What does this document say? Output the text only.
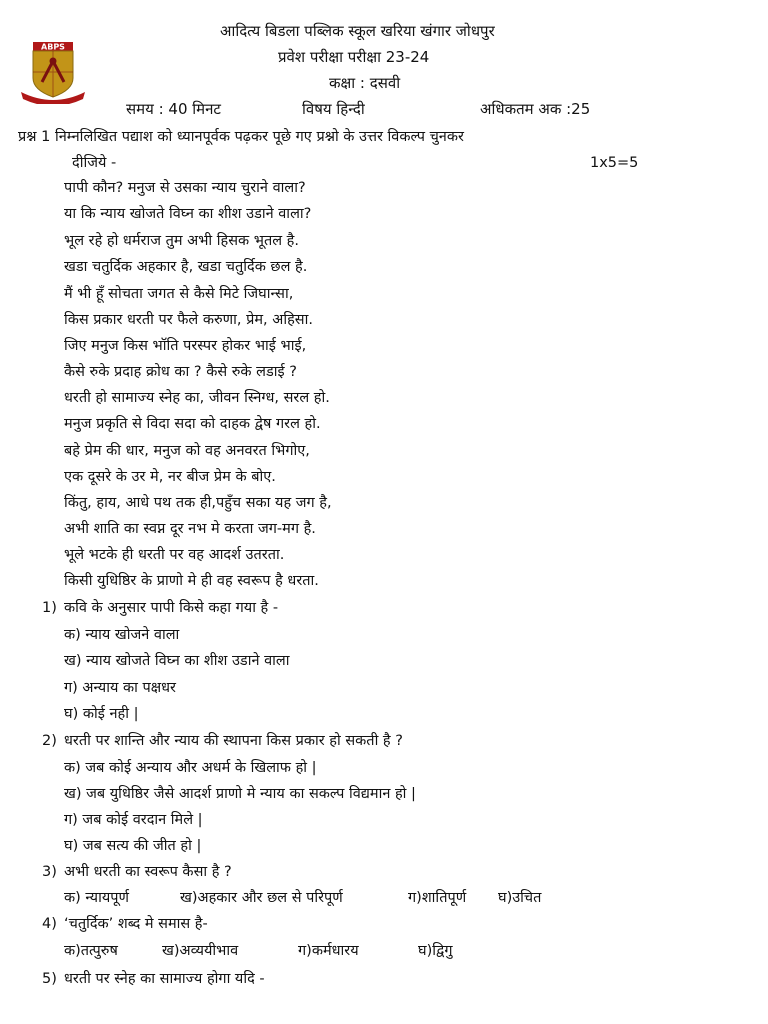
ABPS
आदित्य बिडला पब्लिक स्कूल खरिया खंगार जोधपुर
प्रवेश परीक्षा परीक्षा 23-24
कक्षा : दसवी
समय : 40 मिनट	विषय हिन्दी	अधिकतम अक :25
प्रश्न 1 निम्नलिखित पद्याश को ध्यानपूर्वक पढ़कर पूछे गए प्रश्नो के उत्तर विकल्प चुनकर
दीजिये -	1x5=5
पापी कौन? मनुज से उसका न्याय चुराने वाला?
या कि न्याय खोजते विघ्न का शीश उडाने वाला?
भूल रहे हो धर्मराज तुम अभी हिसक भूतल है.
खडा चतुर्दिक अहकार है, खडा चतुर्दिक छल है.
मैं भी हूँ सोचता जगत से कैसे मिटे जिघान्सा,
किस प्रकार धरती पर फैले करुणा, प्रेम, अहिसा.
जिए मनुज किस भॉति परस्पर होकर भाई भाई,
कैसे रुके प्रदाह क्रोध का ? कैसे रुके लडाई ?
धरती हो सामाज्य स्नेह का, जीवन स्निग्ध, सरल हो.
मनुज प्रकृति से विदा सदा को दाहक द्वेष गरल हो.
बहे प्रेम की धार, मनुज को वह अनवरत भिगोए,
एक दूसरे के उर मे, नर बीज प्रेम के बोए.
किंतु, हाय, आधे पथ तक ही,पहुँच सका यह जग है,
अभी शाति का स्वप्न दूर नभ मे करता जग-मग है.
भूले भटके ही धरती पर वह आदर्श उतरता.
किसी युधिष्ठिर के प्राणो मे ही वह स्वरूप है धरता.
1) कवि के अनुसार पापी किसे कहा गया है -
क) न्याय खोजने वाला
ख) न्याय खोजते विघ्न का शीश उडाने वाला
ग) अन्याय का पक्षधर
घ) कोई नही |
2) धरती पर शान्ति और न्याय की स्थापना किस प्रकार हो सकती है ?
क) जब कोई अन्याय और अधर्म के खिलाफ हो |
ख) जब युधिष्ठिर जैसे आदर्श प्राणो मे न्याय का सकल्प विद्यमान हो |
ग) जब कोई वरदान मिले |
घ) जब सत्य की जीत हो |
3) अभी धरती का स्वरूप कैसा है ?
क) न्यायपूर्ण	ख)अहकार और छल से परिपूर्ण	ग)शातिपूर्ण घ)उचित
4) ‘चतुर्दिक’ शब्द मे समास है-
क)तत्पुरुष	ख)अव्ययीभाव	ग)कर्मधारय	घ)द्विगु
5) धरती पर स्नेह का सामाज्य होगा यदि -
